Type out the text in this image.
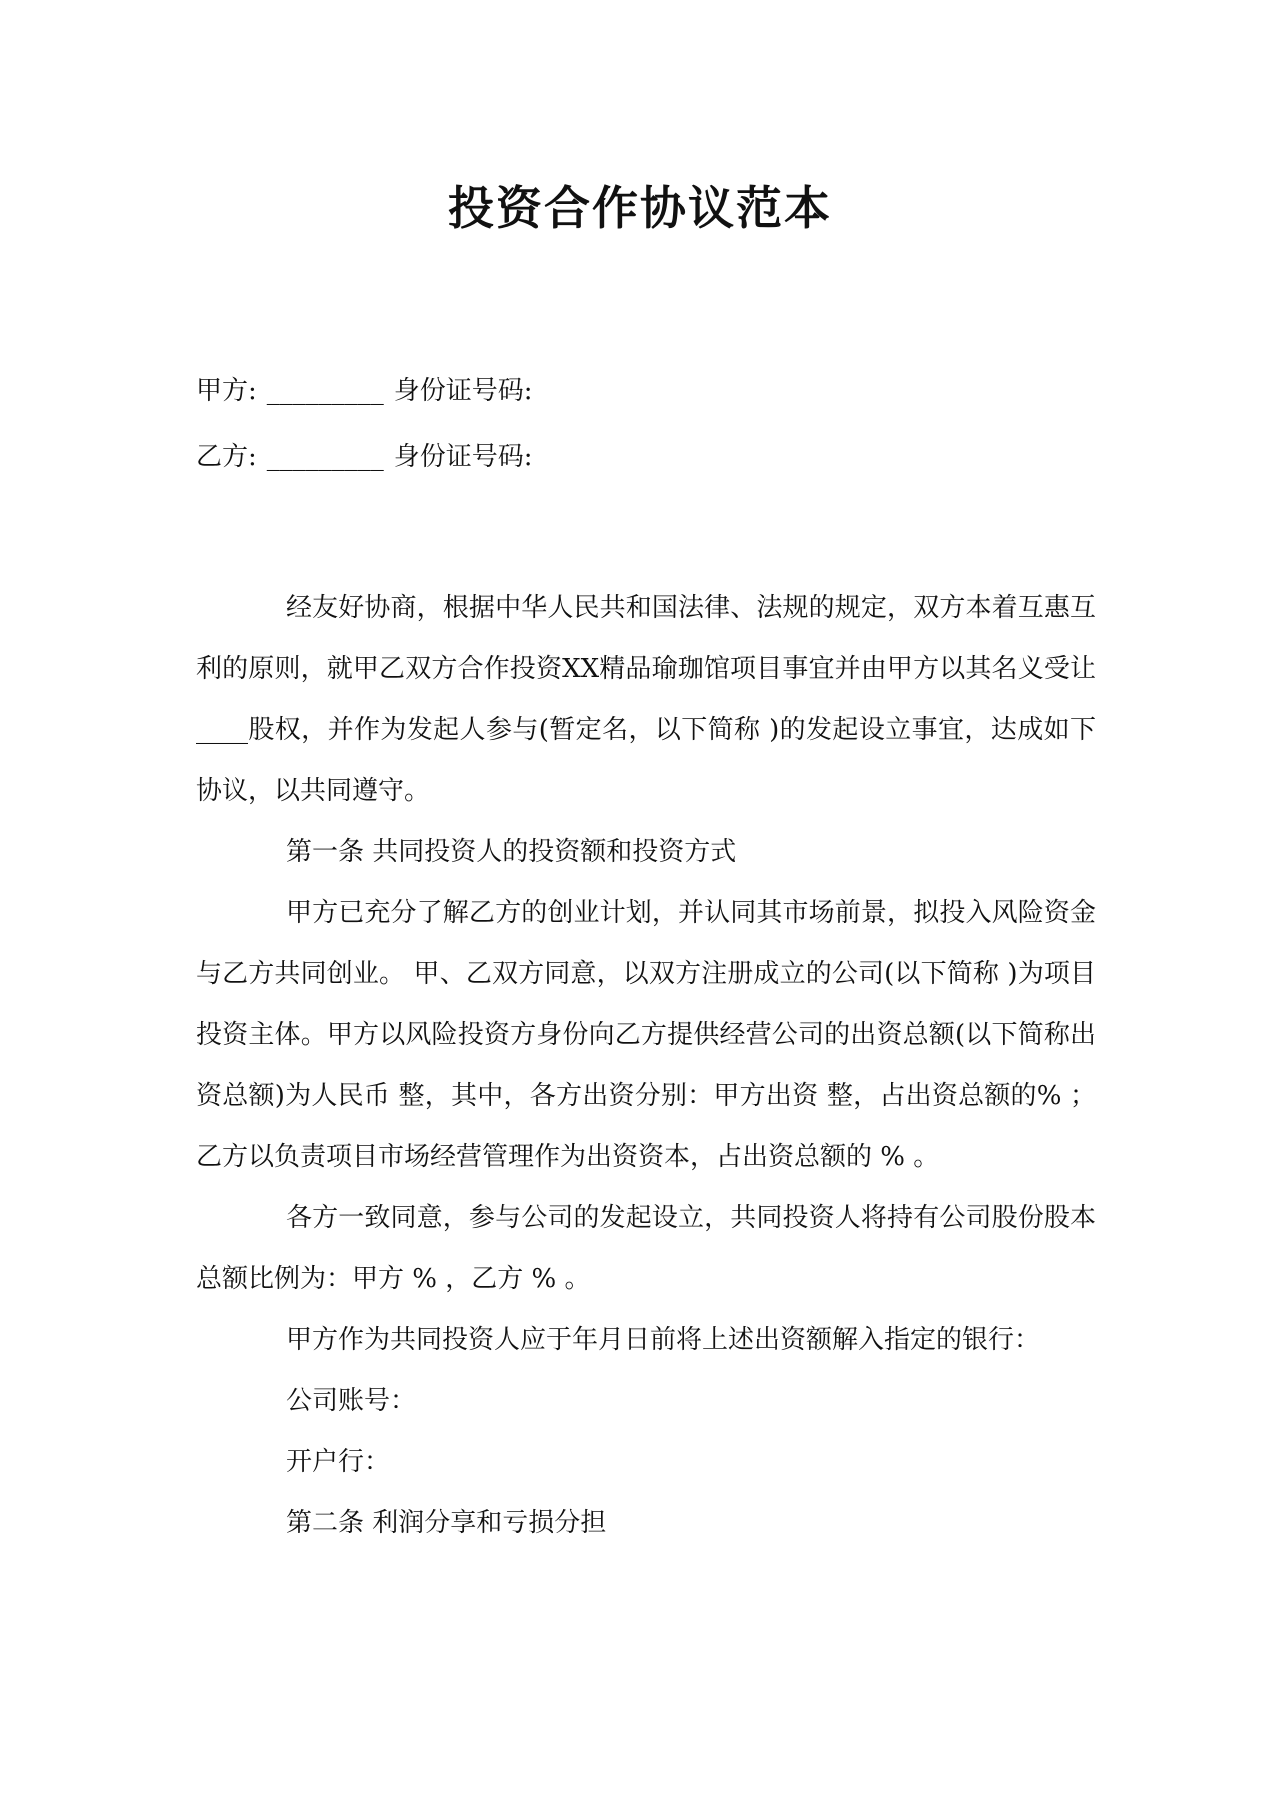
投资合作协议范本
甲方: _________ 身份证号码:
乙方: _________ 身份证号码:

经友好协商，根据中华人民共和国法律、法规的规定，双方本着互惠互利的原则，就甲乙双方合作投资XX精品瑜珈馆项目事宜并由甲方以其名义受让____股权，并作为发起人参与(暂定名，以下简称 )的发起设立事宜，达成如下协议，以共同遵守。

第一条 共同投资人的投资额和投资方式

甲方已充分了解乙方的创业计划，并认同其市场前景，拟投入风险资金与乙方共同创业。 甲、乙双方同意，以双方注册成立的公司(以下简称 )为项目投资主体。甲方以风险投资方身份向乙方提供经营公司的出资总额(以下简称出资总额)为人民币 整，其中，各方出资分别：甲方出资 整，占出资总额的% ；乙方以负责项目市场经营管理作为出资资本，占出资总额的 % 。

各方一致同意，参与公司的发起设立，共同投资人将持有公司股份股本总额比例为：甲方 % ，乙方 % 。

甲方作为共同投资人应于年月日前将上述出资额解入指定的银行：

公司账号：

开户行：

第二条 利润分享和亏损分担
